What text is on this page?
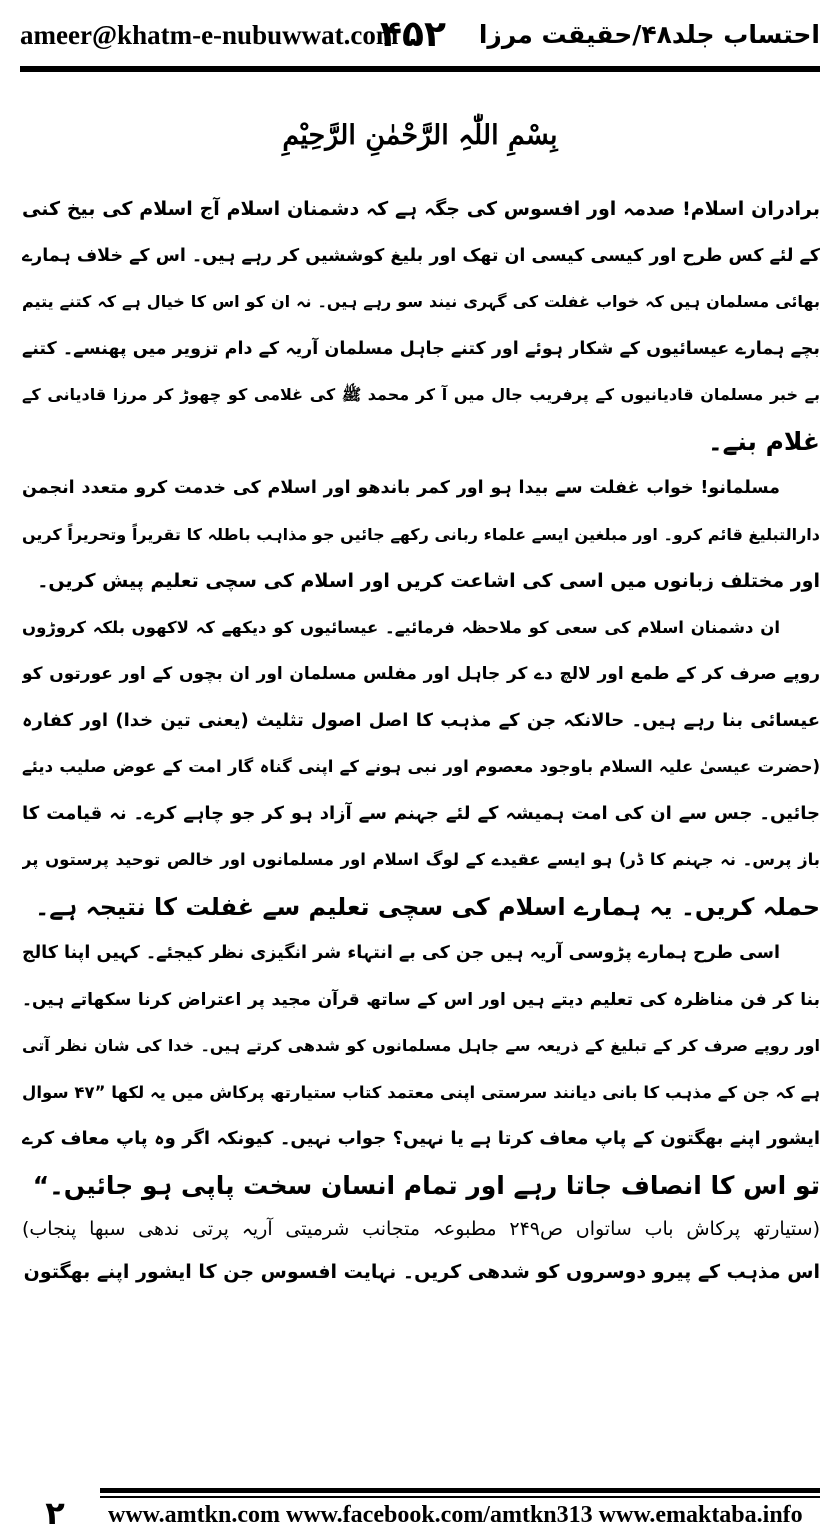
ameer@khatm-e-nubuwwat.com
۴۵۲ احتساب جلد۴۸/حقیقت مرزا
بِسْمِ اللّٰہِ الرَّحْمٰنِ الرَّحِیْمِ
برادران اسلام! صدمہ اور افسوس کی جگہ ہے کہ دشمنان اسلام آج اسلام کی بیخ کنی
کے لئے کس طرح اور کیسی کیسی ان تھک اور بلیغ کوششیں کر رہے ہیں۔ اس کے خلاف ہمارے
بھائی مسلمان ہیں کہ خواب غفلت کی گہری نیند سو رہے ہیں۔ نہ ان کو اس کا خیال ہے کہ کتنے یتیم
بچے ہمارے عیسائیوں کے شکار ہوئے اور کتنے جاہل مسلمان آریہ کے دام تزویر میں پھنسے۔ کتنے
بے خبر مسلمان قادیانیوں کے پرفریب جال میں آ کر محمد ﷺ کی غلامی کو چھوڑ کر مرزا قادیانی کے
غلام بنے۔
مسلمانو! خواب غفلت سے بیدا ہو اور کمر باندھو اور اسلام کی خدمت کرو متعدد انجمن
دارالتبلیغ قائم کرو۔ اور مبلغین ایسے علماء ربانی رکھے جائیں جو مذاہب باطلہ کا تقریراً وتحریراً کریں
اور مختلف زبانوں میں اسی کی اشاعت کریں اور اسلام کی سچی تعلیم پیش کریں۔
ان دشمنان اسلام کی سعی کو ملاحظہ فرمائیے۔ عیسائیوں کو دیکھے کہ لاکھوں بلکہ کروڑوں
روپے صرف کر کے طمع اور لالچ دے کر جاہل اور مفلس مسلمان اور ان بچوں کے اور عورتوں کو
عیسائی بنا رہے ہیں۔ حالانکہ جن کے مذہب کا اصل اصول تثلیث (یعنی تین خدا) اور کفارہ
(حضرت عیسیٰ علیہ السلام باوجود معصوم اور نبی ہونے کے اپنی گناہ گار امت کے عوض صلیب دیئے
جائیں۔ جس سے ان کی امت ہمیشہ کے لئے جہنم سے آزاد ہو کر جو چاہے کرے۔ نہ قیامت کا
باز پرس۔ نہ جہنم کا ڈر) ہو ایسے عقیدے کے لوگ اسلام اور مسلمانوں اور خالص توحید پرستوں پر
حملہ کریں۔ یہ ہمارے اسلام کی سچی تعلیم سے غفلت کا نتیجہ ہے۔
اسی طرح ہمارے پڑوسی آریہ ہیں جن کی بے انتہاء شر انگیزی نظر کیجئے۔ کہیں اپنا کالج
بنا کر فن مناظرہ کی تعلیم دیتے ہیں اور اس کے ساتھ قرآن مجید پر اعتراض کرنا سکھاتے ہیں۔
اور روپے صرف کر کے تبلیغ کے ذریعہ سے جاہل مسلمانوں کو شدھی کرتے ہیں۔ خدا کی شان نظر آتی
ہے کہ جن کے مذہب کا بانی دیانند سرستی اپنی معتمد کتاب ستیارتھ پرکاش میں یہ لکھا ”۴۷ سوال
ایشور اپنے بھگتون کے پاپ معاف کرتا ہے یا نہیں؟ جواب نہیں۔ کیونکہ اگر وہ پاپ معاف کرے
تو اس کا انصاف جاتا رہے اور تمام انسان سخت پاپی ہو جائیں۔“
(ستیارتھ پرکاش باب ساتواں ص۲۴۹ مطبوعہ متجانب شرمیتی آریہ پرتی ندھی سبھا پنجاب)
اس مذہب کے پیرو دوسروں کو شدھی کریں۔ نہایت افسوس جن کا ایشور اپنے بھگتون
۲	www.amtkn.com www.facebook.com/amtkn313 www.emaktaba.info
